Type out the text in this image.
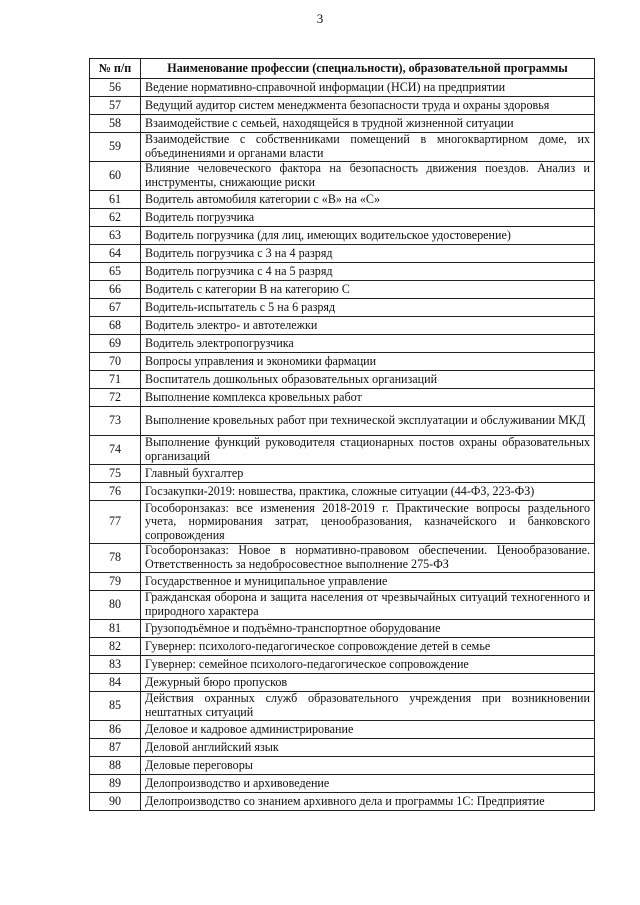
3
№ п/п	Наименование профессии (специальности), образовательной программы
56	Ведение нормативно-справочной информации (НСИ) на предприятии
57	Ведущий аудитор систем менеджмента безопасности труда и охраны здоровья
58	Взаимодействие с семьей, находящейся в трудной жизненной ситуации
59	Взаимодействие с собственниками помещений в многоквартирном доме, их объединениями и органами власти
60	Влияние человеческого фактора на безопасность движения поездов. Анализ и инструменты, снижающие риски
61	Водитель автомобиля категории с «В» на «С»
62	Водитель погрузчика
63	Водитель погрузчика (для лиц, имеющих водительское удостоверение)
64	Водитель погрузчика с 3 на 4 разряд
65	Водитель погрузчика с 4 на 5 разряд
66	Водитель с категории В на категорию С
67	Водитель-испытатель с 5 на 6 разряд
68	Водитель электро- и автотележки
69	Водитель электропогрузчика
70	Вопросы управления и экономики фармации
71	Воспитатель дошкольных образовательных организаций
72	Выполнение комплекса кровельных работ
73	Выполнение кровельных работ при технической эксплуатации и обслуживании МКД
74	Выполнение функций руководителя стационарных постов охраны образовательных организаций
75	Главный бухгалтер
76	Госзакупки-2019: новшества, практика, сложные ситуации (44-ФЗ, 223-ФЗ)
77	Гособоронзаказ: все изменения 2018-2019 г. Практические вопросы раздельного учета, нормирования затрат, ценообразования, казначейского и банковского сопровождения
78	Гособоронзаказ: Новое в нормативно-правовом обеспечении. Ценообразование. Ответственность за недобросовестное выполнение 275-ФЗ
79	Государственное и муниципальное управление
80	Гражданская оборона и защита населения от чрезвычайных ситуаций техногенного и природного характера
81	Грузоподъёмное и подъёмно-транспортное оборудование
82	Гувернер: психолого-педагогическое сопровождение детей в семье
83	Гувернер: семейное психолого-педагогическое сопровождение
84	Дежурный бюро пропусков
85	Действия охранных служб образовательного учреждения при возникновении нештатных ситуаций
86	Деловое и кадровое администрирование
87	Деловой английский язык
88	Деловые переговоры
89	Делопроизводство и архивоведение
90	Делопроизводство со знанием архивного дела и программы 1С: Предприятие
